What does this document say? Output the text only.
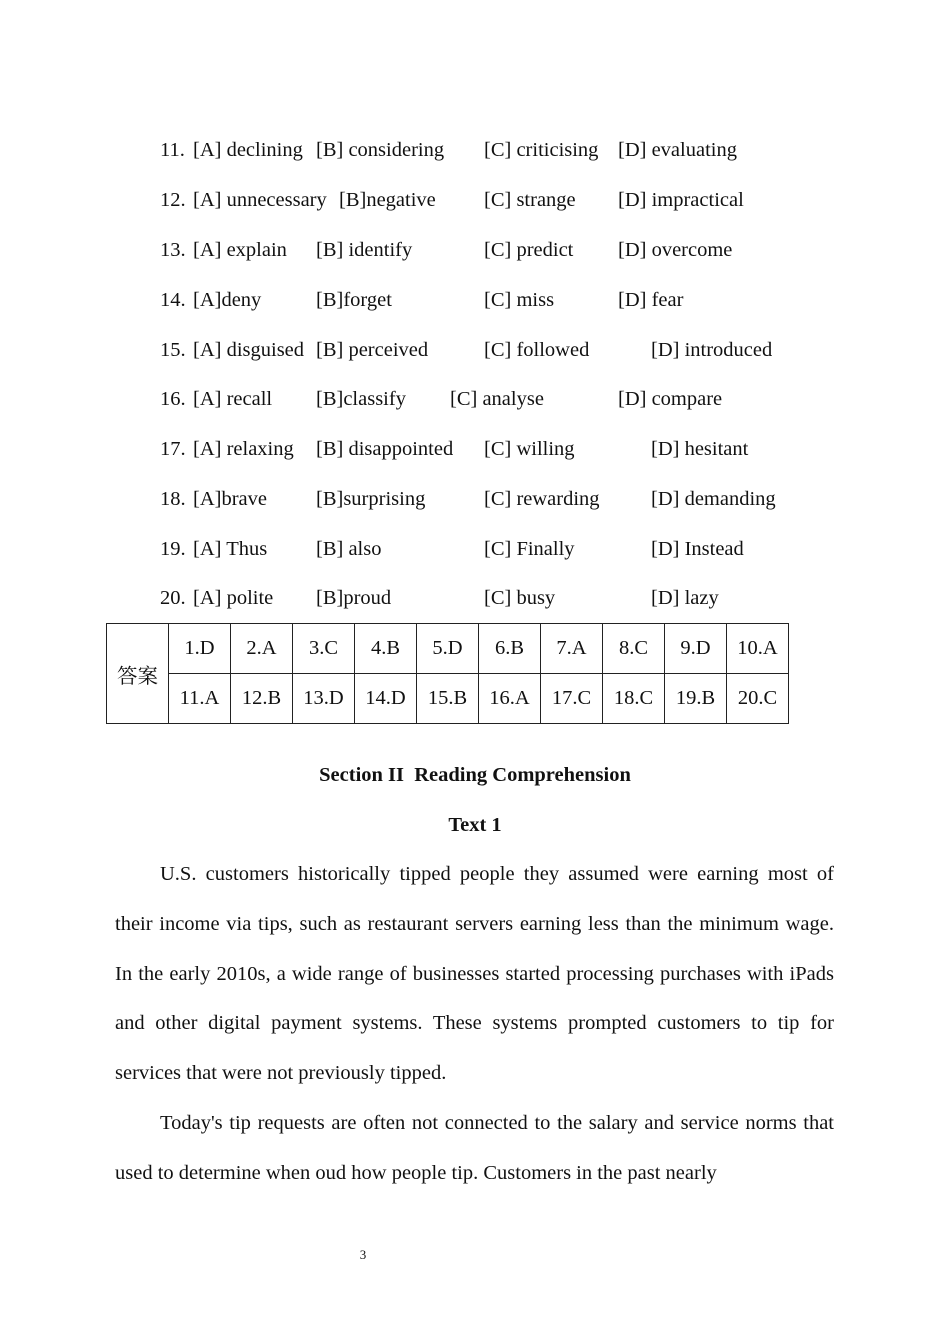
11. [A] declining [B] considering [C] criticising [D] evaluating
12. [A] unnecessary [B]negative [C] strange [D] impractical
13. [A] explain [B] identify	[C] predict [D] overcome
14. [A]deny	[B]forget	[C] miss	[D] fear
15. [A] disguised [B] perceived	[C] followed	[D] introduced
16. [A] recall [B]classify [C] analyse	[D] compare
17. [A] relaxing [B] disappointed [C] willing	[D] hesitant
18. [A]brave [B]surprising	[C] rewarding	[D] demanding
19. [A] Thus [B] also	[C] Finally	[D] Instead
20. [A] polite [B]proud	[C] busy	[D] lazy
答案	1.D	2.A	3.C	4.B	5.D	6.B	7.A	8.C	9.D	10.A
	11.A	12.B	13.D	14.D	15.B	16.A	17.C	18.C	19.B	20.C
Section II  Reading Comprehension
Text 1

U.S. customers historically tipped people they assumed were earning most of their income via tips, such as restaurant servers earning less than the minimum wage. In the early 2010s, a wide range of businesses started processing purchases with iPads and other digital payment systems. These systems prompted customers to tip for services that were not previously tipped.

Today's tip requests are often not connected to the salary and service norms that used to determine when oud how people tip. Customers in the past nearly

3
